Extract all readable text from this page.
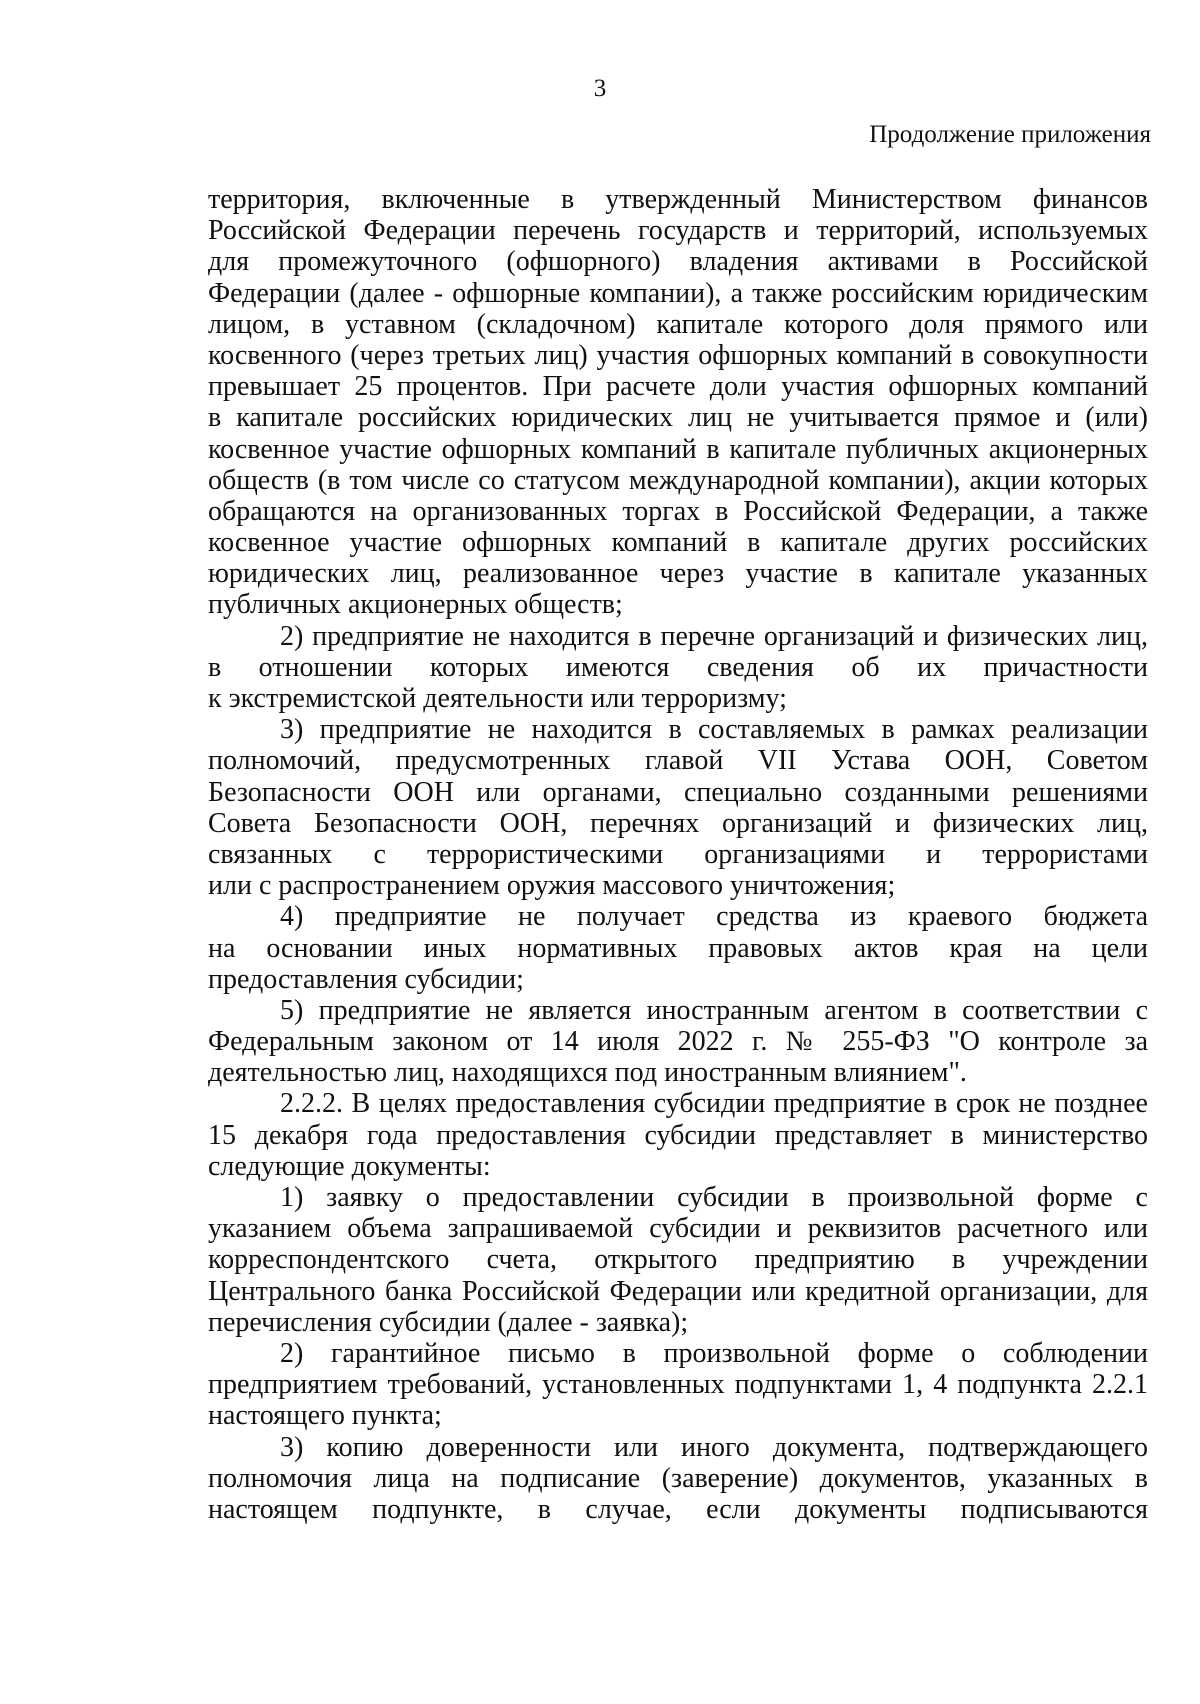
3
Продолжение приложения
территория, включенные в утвержденный Министерством финансов
Российской Федерации перечень государств и территорий, используемых
для промежуточного (офшорного) владения активами в Российской
Федерации (далее - офшорные компании), а также российским юридическим
лицом, в уставном (складочном) капитале которого доля прямого или
косвенного (через третьих лиц) участия офшорных компаний в совокупности
превышает 25 процентов. При расчете доли участия офшорных компаний
в капитале российских юридических лиц не учитывается прямое и (или)
косвенное участие офшорных компаний в капитале публичных акционерных
обществ (в том числе со статусом международной компании), акции которых
обращаются на организованных торгах в Российской Федерации, а также
косвенное участие офшорных компаний в капитале других российских
юридических лиц, реализованное через участие в капитале указанных
публичных акционерных обществ;
2) предприятие не находится в перечне организаций и физических лиц,
в отношении которых имеются сведения об их причастности
к экстремистской деятельности или терроризму;
3) предприятие не находится в составляемых в рамках реализации
полномочий, предусмотренных главой VII Устава ООН, Советом
Безопасности ООН или органами, специально созданными решениями
Совета Безопасности ООН, перечнях организаций и физических лиц,
связанных с террористическими организациями и террористами
или с распространением оружия массового уничтожения;
4) предприятие не получает средства из краевого бюджета
на основании иных нормативных правовых актов края на цели
предоставления субсидии;
5) предприятие не является иностранным агентом в соответствии с
Федеральным законом от 14 июля 2022 г. № 255-ФЗ "О контроле за
деятельностью лиц, находящихся под иностранным влиянием".
2.2.2. В целях предоставления субсидии предприятие в срок не позднее
15 декабря года предоставления субсидии представляет в министерство
следующие документы:
1) заявку о предоставлении субсидии в произвольной форме с
указанием объема запрашиваемой субсидии и реквизитов расчетного или
корреспондентского счета, открытого предприятию в учреждении
Центрального банка Российской Федерации или кредитной организации, для
перечисления субсидии (далее - заявка);
2) гарантийное письмо в произвольной форме о соблюдении
предприятием требований, установленных подпунктами 1, 4 подпункта 2.2.1
настоящего пункта;
3) копию доверенности или иного документа, подтверждающего
полномочия лица на подписание (заверение) документов, указанных в
настоящем подпункте, в случае, если документы подписываются
